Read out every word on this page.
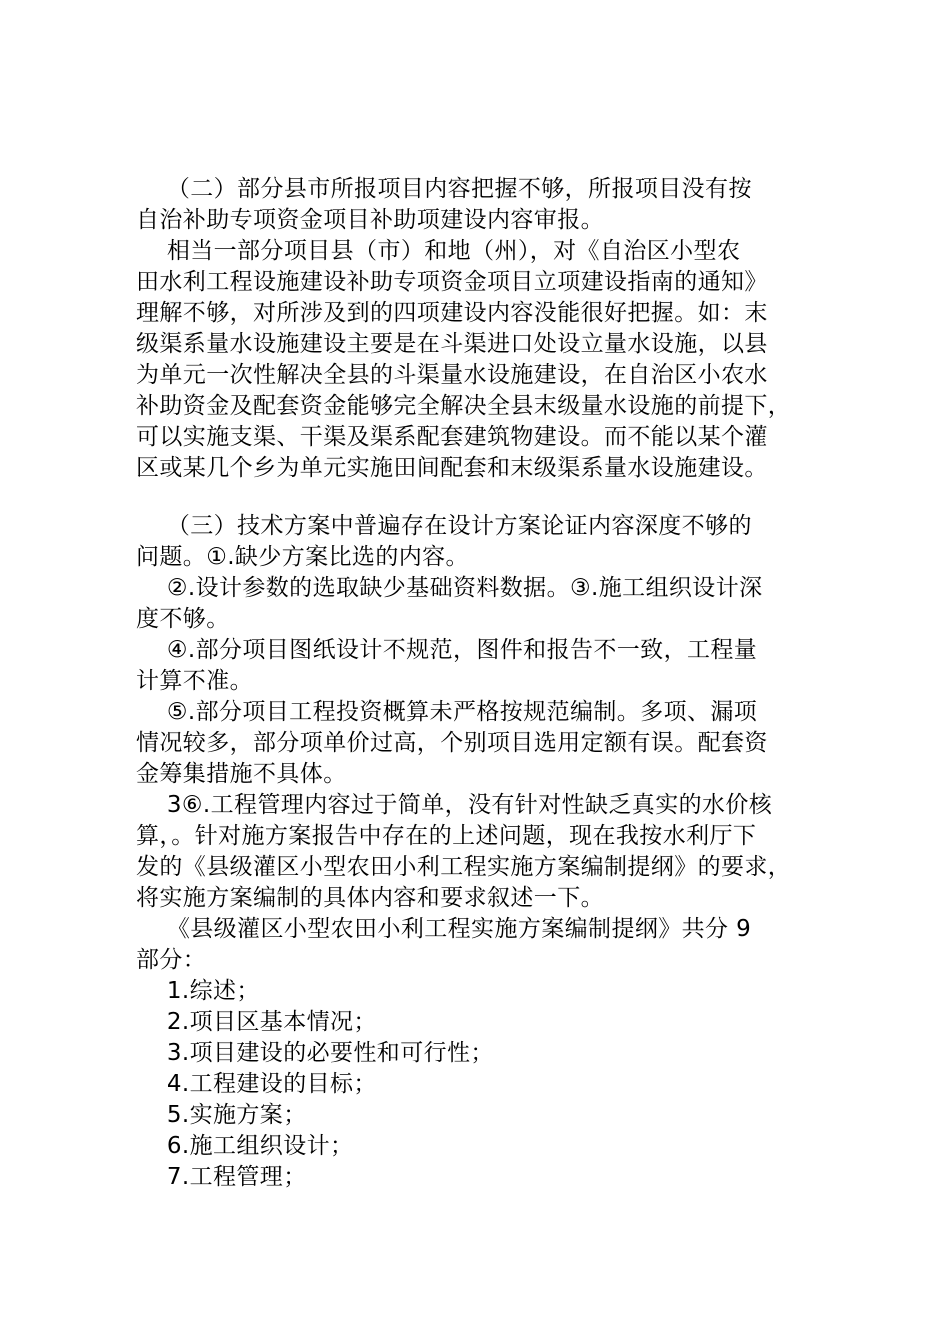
（二）部分县市所报项目内容把握不够，所报项目没有按
自治补助专项资金项目补助项建设内容审报。
相当一部分项目县（市）和地（州），对《自治区小型农
田水利工程设施建设补助专项资金项目立项建设指南的通知》
理解不够，对所涉及到的四项建设内容没能很好把握。如：末
级渠系量水设施建设主要是在斗渠进口处设立量水设施，以县
为单元一次性解决全县的斗渠量水设施建设，在自治区小农水
补助资金及配套资金能够完全解决全县末级量水设施的前提下，
可以实施支渠、干渠及渠系配套建筑物建设。而不能以某个灌
区或某几个乡为单元实施田间配套和末级渠系量水设施建设。
（三）技术方案中普遍存在设计方案论证内容深度不够的
问题。①.缺少方案比选的内容。
②.设计参数的选取缺少基础资料数据。③.施工组织设计深
度不够。
④.部分项目图纸设计不规范，图件和报告不一致，工程量
计算不准。
⑤.部分项目工程投资概算未严格按规范编制。多项、漏项
情况较多，部分项单价过高，个别项目选用定额有误。配套资
金筹集措施不具体。
3⑥.工程管理内容过于简单，没有针对性缺乏真实的水价核
算，。针对施方案报告中存在的上述问题，现在我按水利厅下
发的《县级灌区小型农田小利工程实施方案编制提纲》的要求，
将实施方案编制的具体内容和要求叙述一下。
《县级灌区小型农田小利工程实施方案编制提纲》共分 9
部分：
1.综述；
2.项目区基本情况；
3.项目建设的必要性和可行性；
4.工程建设的目标；
5.实施方案；
6.施工组织设计；
7.工程管理；
